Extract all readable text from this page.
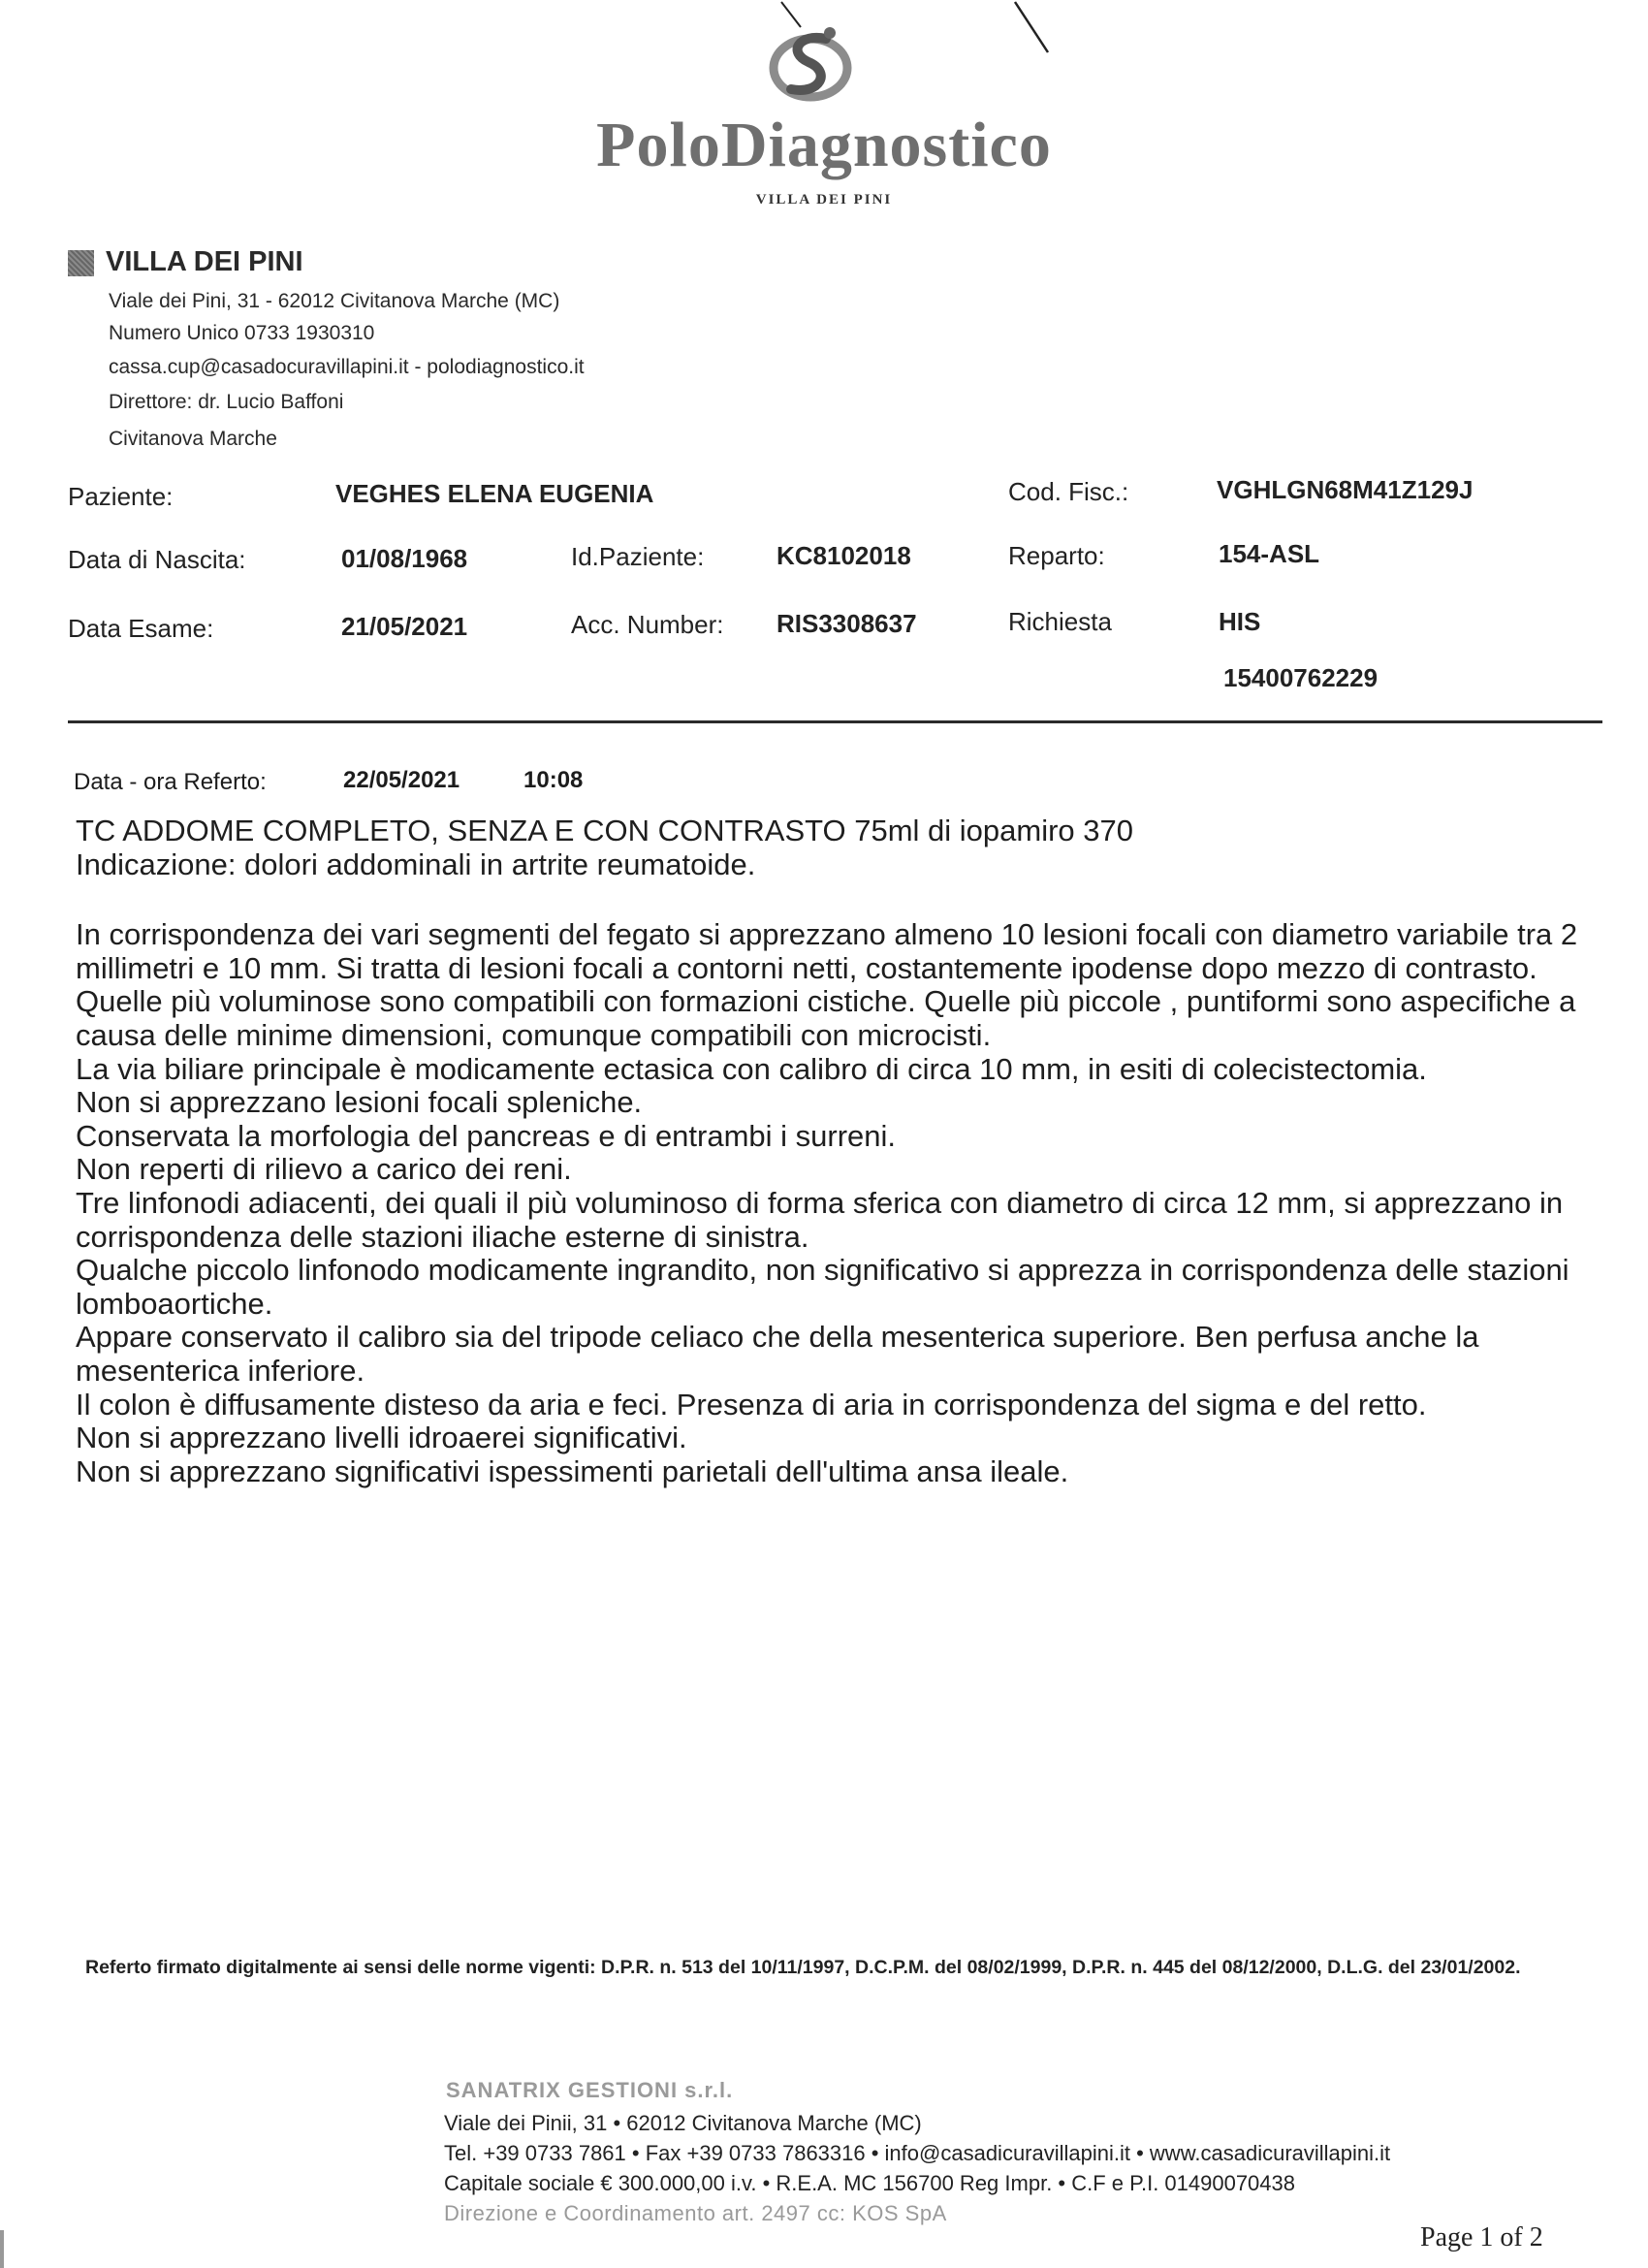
PoloDiagnostico
VILLA DEI PINI
VILLA DEI PINI
Viale dei Pini, 31 - 62012 Civitanova Marche (MC)
Numero Unico 0733 1930310
cassa.cup@casadocuravillapini.it - polodiagnostico.it
Direttore: dr. Lucio Baffoni
Civitanova Marche
Paziente:	VEGHES ELENA EUGENIA	Cod. Fisc.:	VGHLGN68M41Z129J
Data di Nascita:	01/08/1968	Id.Paziente:	KC8102018	Reparto:	154-ASL
Data Esame:	21/05/2021	Acc. Number: RIS3308637	Richiesta	HIS
15400762229
Data - ora Referto:	22/05/2021	10:08

TC ADDOME COMPLETO, SENZA E CON CONTRASTO 75ml di iopamiro 370

Indicazione: dolori addominali in artrite reumatoide.

In corrispondenza dei vari segmenti del fegato si apprezzano almeno 10 lesioni focali con diametro variabile tra 2 millimetri e 10 mm. Si tratta di lesioni focali a contorni netti, costantemente ipodense dopo mezzo di contrasto. Quelle più voluminose sono compatibili con formazioni cistiche. Quelle più piccole , puntiformi sono aspecifiche a causa delle minime dimensioni, comunque compatibili con microcisti.

La via biliare principale è modicamente ectasica con calibro di circa 10 mm, in esiti di colecistectomia.

Non si apprezzano lesioni focali spleniche.

Conservata la morfologia del pancreas e di entrambi i surreni.

Non reperti di rilievo a carico dei reni.

Tre linfonodi adiacenti, dei quali il più voluminoso di forma sferica con diametro di circa 12 mm, si apprezzano in corrispondenza delle stazioni iliache esterne di sinistra.

Qualche piccolo linfonodo modicamente ingrandito, non significativo si apprezza in corrispondenza delle stazioni lomboaortiche.

Appare conservato il calibro sia del tripode celiaco che della mesenterica superiore. Ben perfusa anche la mesenterica inferiore.

Il colon è diffusamente disteso da aria e feci. Presenza di aria in corrispondenza del sigma e del retto.

Non si apprezzano livelli idroaerei significativi.

Non si apprezzano significativi ispessimenti parietali dell'ultima ansa ileale.

Referto firmato digitalmente ai sensi delle norme vigenti: D.P.R. n. 513 del 10/11/1997, D.C.P.M. del 08/02/1999, D.P.R. n. 445 del 08/12/2000, D.L.G. del 23/01/2002.
SANATRIX GESTIONI s.r.l.
Viale dei Pinii, 31 • 62012 Civitanova Marche (MC)
Tel. +39 0733 7861 • Fax +39 0733 7863316 • info@casadicuravillapini.it • www.casadicuravillapini.it
Capitale sociale € 300.000,00 i.v. • R.E.A. MC 156700 Reg Impr. • C.F e P.I. 01490070438
Direzione e Coordinamento art. 2497 cc: KOS SpA
Page 1 of 2
